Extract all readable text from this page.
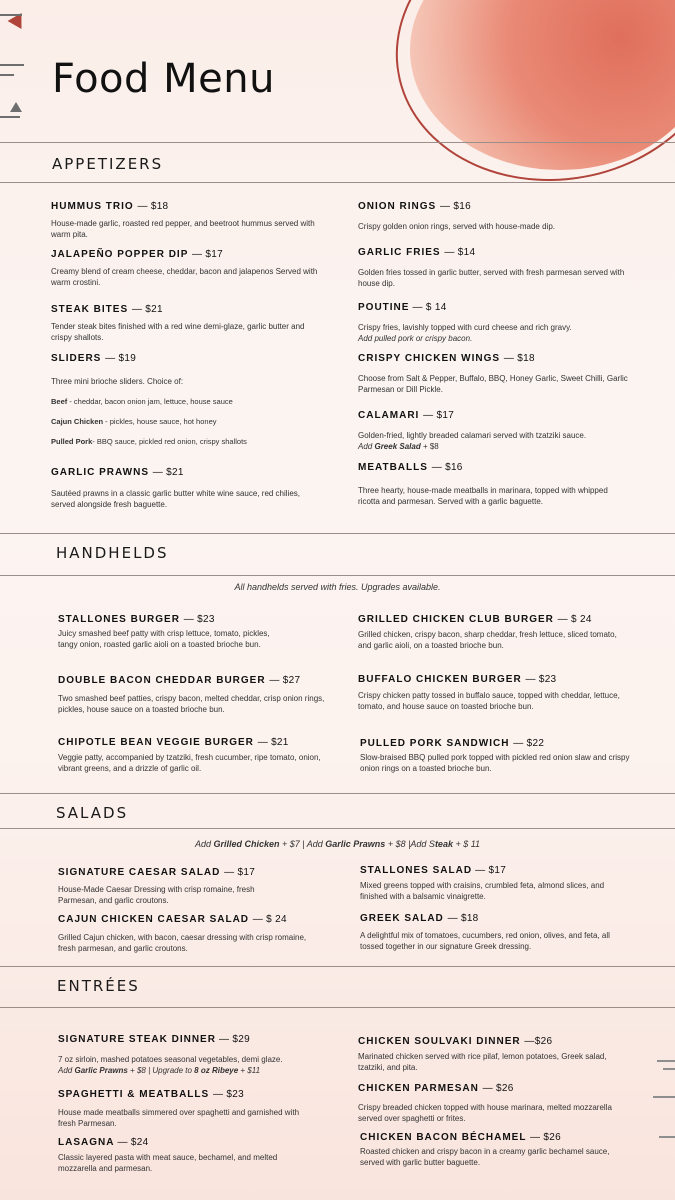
Food Menu
APPETIZERS
HUMMUS TRIO — $18
House-made garlic, roasted red pepper, and beetroot hummus served with warm pita.
JALAPEÑO POPPER DIP — $17
Creamy blend of cream cheese, cheddar, bacon and jalapenos Served with warm crostini.
STEAK BITES — $21
Tender steak bites finished with a red wine demi-glaze, garlic butter and crispy shallots.
SLIDERS — $19
Three mini brioche sliders. Choice of:
Beef - cheddar, bacon onion jam, lettuce, house sauce
Cajun Chicken - pickles, house sauce, hot honey
Pulled Pork- BBQ sauce, pickled red onion, crispy shallots
GARLIC PRAWNS — $21
Sautéed prawns in a classic garlic butter white wine sauce, red chilies, served alongside fresh baguette.
ONION RINGS — $16
Crispy golden onion rings, served with house-made dip.
GARLIC FRIES — $14
Golden fries tossed in garlic butter, served with fresh parmesan served with house dip.
POUTINE — $ 14
Crispy fries, lavishly topped with curd cheese and rich gravy.
Add pulled pork or crispy bacon.
CRISPY CHICKEN WINGS — $18
Choose from Salt & Pepper, Buffalo, BBQ, Honey Garlic, Sweet Chilli, Garlic Parmesan or Dill Pickle.
CALAMARI — $17
Golden-fried, lightly breaded calamari served with tzatziki sauce.
Add Greek Salad + $8
MEATBALLS — $16
Three hearty, house-made meatballs in marinara, topped with whipped ricotta and parmesan. Served with a garlic baguette.
HANDHELDS
All handhelds served with fries. Upgrades available.
STALLONES BURGER — $23
Juicy smashed beef patty with crisp lettuce, tomato, pickles, tangy onion, roasted garlic aioli on a toasted brioche bun.
DOUBLE BACON CHEDDAR BURGER — $27
Two smashed beef patties, crispy bacon, melted cheddar, crisp onion rings, pickles, house sauce on a toasted brioche bun.
CHIPOTLE BEAN VEGGIE BURGER — $21
Veggie patty, accompanied by tzatziki, fresh cucumber, ripe tomato, onion, vibrant greens, and a drizzle of garlic oil.
GRILLED CHICKEN CLUB BURGER — $ 24
Grilled chicken, crispy bacon, sharp cheddar, fresh lettuce, sliced tomato, and garlic aioli, on a toasted brioche bun.
BUFFALO CHICKEN BURGER — $23
Crispy chicken patty tossed in buffalo sauce, topped with cheddar, lettuce, tomato, and house sauce on toasted brioche bun.
PULLED PORK SANDWICH — $22
Slow-braised BBQ pulled pork topped with pickled red onion slaw and crispy onion rings on a toasted brioche bun.
SALADS
Add Grilled Chicken + $7 | Add Garlic Prawns + $8 |Add Steak + $ 11
SIGNATURE CAESAR SALAD — $17
House-Made Caesar Dressing with crisp romaine, fresh Parmesan, and garlic croutons.
CAJUN CHICKEN CAESAR SALAD — $ 24
Grilled Cajun chicken, with bacon, caesar dressing with crisp romaine, fresh parmesan, and garlic croutons.
STALLONES SALAD — $17
Mixed greens topped with craisins, crumbled feta, almond slices, and finished with a balsamic vinaigrette.
GREEK SALAD — $18
A delightful mix of tomatoes, cucumbers, red onion, olives, and feta, all tossed together in our signature Greek dressing.
ENTRÉES
SIGNATURE STEAK DINNER — $29
7 oz sirloin, mashed potatoes seasonal vegetables, demi glaze.
Add Garlic Prawns + $8 | Upgrade to 8 oz Ribeye + $11
SPAGHETTI & MEATBALLS — $23
House made meatballs simmered over spaghetti and garnished with fresh Parmesan.
LASAGNA — $24
Classic layered pasta with meat sauce, bechamel, and melted mozzarella and parmesan.
CHICKEN SOULVAKI DINNER —$26
Marinated chicken served with rice pilaf, lemon potatoes, Greek salad, tzatziki, and pita.
CHICKEN PARMESAN — $26
Crispy breaded chicken topped with house marinara, melted mozzarella served over spaghetti or frites.
CHICKEN BACON BÉCHAMEL — $26
Roasted chicken and crispy bacon in a creamy garlic bechamel sauce, served with garlic butter baguette.
